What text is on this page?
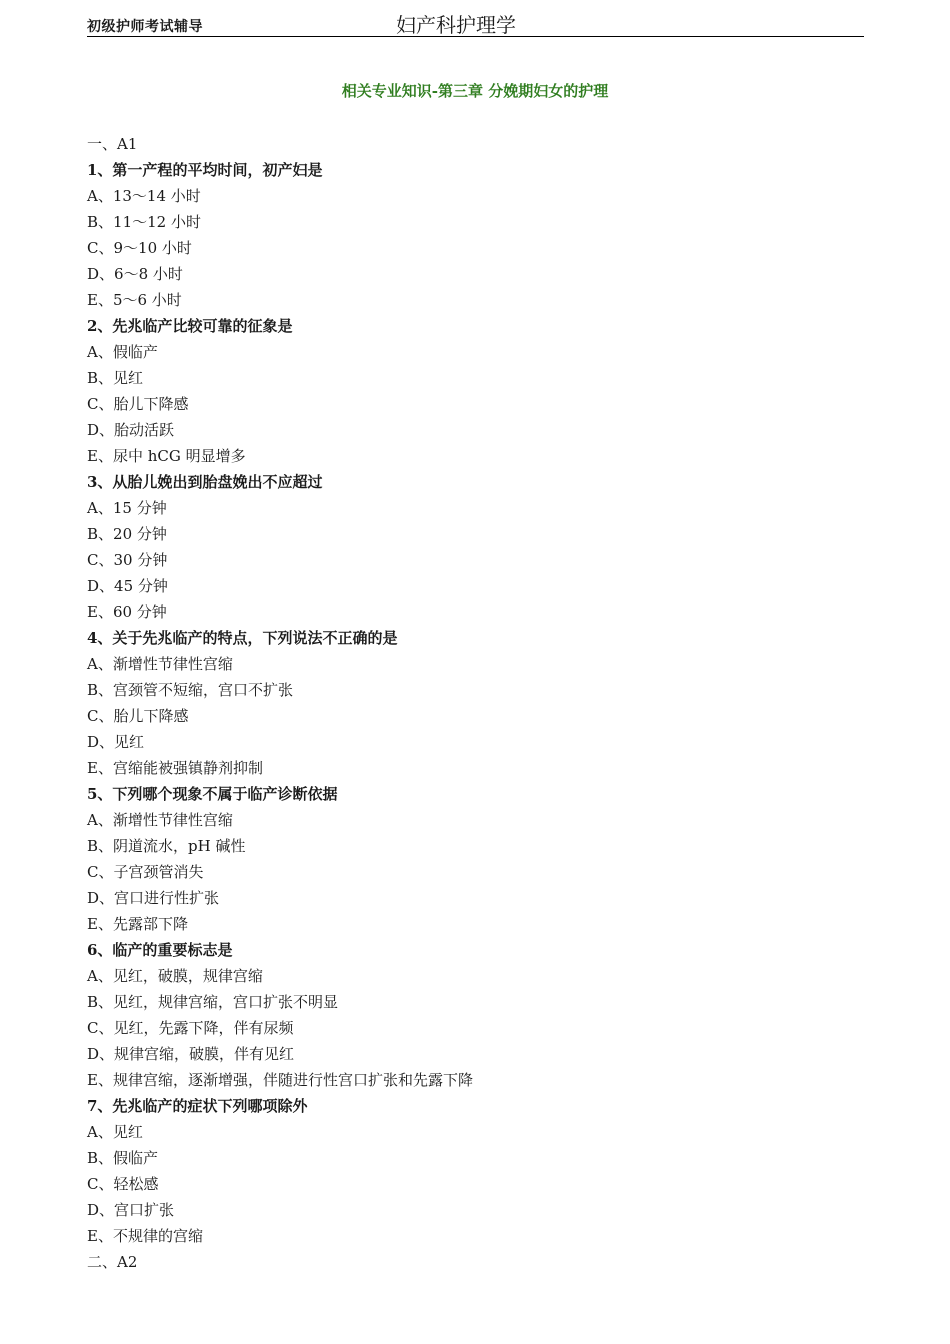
初级护师考试辅导	妇产科护理学
相关专业知识-第三章 分娩期妇女的护理
一、A1
1、第一产程的平均时间，初产妇是
A、13～14 小时
B、11～12 小时
C、9～10 小时
D、6～8 小时
E、5～6 小时
2、先兆临产比较可靠的征象是
A、假临产
B、见红
C、胎儿下降感
D、胎动活跃
E、尿中 hCG 明显增多
3、从胎儿娩出到胎盘娩出不应超过
A、15 分钟
B、20 分钟
C、30 分钟
D、45 分钟
E、60 分钟
4、关于先兆临产的特点，下列说法不正确的是
A、渐增性节律性宫缩
B、宫颈管不短缩，宫口不扩张
C、胎儿下降感
D、见红
E、宫缩能被强镇静剂抑制
5、下列哪个现象不属于临产诊断依据
A、渐增性节律性宫缩
B、阴道流水，pH 碱性
C、子宫颈管消失
D、宫口进行性扩张
E、先露部下降
6、临产的重要标志是
A、见红，破膜，规律宫缩
B、见红，规律宫缩，宫口扩张不明显
C、见红，先露下降，伴有尿频
D、规律宫缩，破膜，伴有见红
E、规律宫缩，逐渐增强，伴随进行性宫口扩张和先露下降
7、先兆临产的症状下列哪项除外
A、见红
B、假临产
C、轻松感
D、宫口扩张
E、不规律的宫缩
二、A2
